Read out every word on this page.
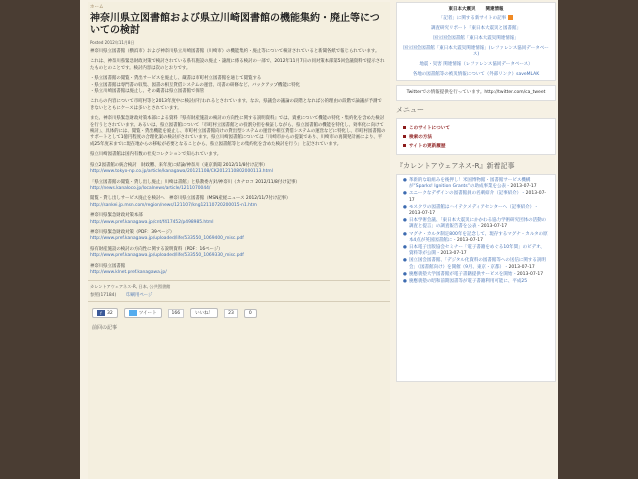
ホーム
神奈川県立図書館および県立川崎図書館の機能集約・廃止等についての検討
Posted 2012年11月8日
神奈川県立図書館（横浜市）および神奈川県立川崎図書館（川崎市）の機能集約・廃止等について検討されていると新聞各紙で報じられています。
これは、神奈川県緊急財政対策で検討されている県有施設の廃止・譲渡に係る検討の一部で、2012年11月7日の同対策本部第5回会議資料で提示されたものとのことです。検討内容は次のとおりです。
・県立図書館の閲覧・貸出サービスを廃止し、蔵書は市町村立図書館を通じて閲覧する
・県立図書館は専門書の収集、図書の相互貸借システムの運営、司書の研修など、バックアップ機能に特化
・県立川崎図書館は廃止し、その蔵書は県立図書館で保管
これらの内容について市町村等と2013年度中に検討が行われるとされています。なお、県議会の議論の段階となれば公的理由の段階で論議が予測できないとともにケースは多いとされています。
また、神奈川県緊急財政対策本部による資料『県有財産施設の検討の方向性に関する説明資料』では、貴重について機能の特化・集約化を含めた検討を行うとされています。あるいは、県立図書館について「市町村立図書館との役割分担を検証しながら、県立図書館の機能を特化し、効率化に向けて検討」、具体的には、閲覧・貸出機能を廃止し、市町村立図書館向けの貸出型システムの運営や相互貸借システムの運営などに特化し、市町村図書館のサポートとして1億円程度の合理化案の検討がされています。県立川崎図書館については「川崎市からの提案であり、川崎市の再開発計画により、平成25年度末までに現在地からの移転が必要となることから、県立図書館等との集約化を含めた検討を行う」と記されています。
県立川崎図書館は国内有数の社史コレクションで知られています。
県立2図書館の統合検討　財政難、来年度に結論/神奈川（東京新聞 2012/11/8付け記事）
http://www.tokyo-np.co.jp/article/kanagawa/20121108/CK2012110802000113.html
「県立図書館の閲覧・貸し出し廃止」川崎は書館」と県教委方針/神奈川（カナロコ 2012/11/8付け記事）
http://news.kanaloco.jp/localnews/article/1211070044/
閲覧・貸し出しサービス廃止を検討へ　神奈川県立図書館（MSN産経ニュース 2012/11/7付け記事）
http://sankei.jp.msn.com/region/news/121107/kng12110720200015-n1.htm
神奈川県緊急財政対策本部
http://www.pref.kanagawa.jp/cnt/f417452/p498985.html
神奈川県緊急財政対策（PDF：39ページ）
http://www.pref.kanagawa.jp/uploaded/life/533550_1069400_misc.pdf
県有財産施設の検討の方向性に関する説明資料（PDF：16ページ）
http://www.pref.kanagawa.jp/uploaded/life/533550_1069330_misc.pdf
神奈川県立図書館
http://www.klnet.pref.kanagawa.jp/
カレントアウェアネス-R, 日本, 公共図書館
参照(17184) 印刷用ページ
f	32	ツイート	166	いいね！	23	0
前回の記事
東日本大震災 関連情報
「記者」に関する新サイトの記事
調査研究リポート「東日本大震災と図書館」
国立国会図書館「東日本大震災関連情報」
国立国会図書館「東日本大震災関連情報」(レファレンス協同データベース)
地震・災害 関連情報（レファレンス協同データベース）
各地の図書館等の被災情報について（外部リンク）saveMLAK
Twitterでの情報提供を行っています。http://twitter.com/ca_tweet
メニュー
このサイトについて
検索の方法
サイトの更新履歴
『カレントアウェアネス-R』新着記事
● 革新的な取組みを後押し！米国博物館・図書館サービス機構が“Sparks! Ignition Grants”の助成事業を公表 - 2013-07-17
● ユニークなデザインの図書館員の名刺紹介（記事紹介） - 2013-07-17
● モスクワの図書館はハイテクメディアセンターへ（記事紹介） - 2013-07-17
● 日本学術会議、「東日本大震災にかかわる協力学術研究団体の活動の調査と提言」の調査報告書を公表 - 2013-07-17
● マグナ・カルタ制定800年を記念して、現存するマグナ・カルタの原本4点が英国図書館に - 2013-07-17
● 日本電子出版協会セミナー「電子書籍をめぐる10年間」のビデオ、資料等が公開 - 2013-07-17
● 国立国会図書館、「デジタル化資料の図書館等への送信に関する説明会」（図書館向け）を開催（9月、東京・京都） - 2013-07-17
● 慶應義塾大学図書館が電子書籍提供サービスを開始 - 2013-07-17
● 慶應義塾の昭和前期図書等が電子書籍利用可能に、平成25
